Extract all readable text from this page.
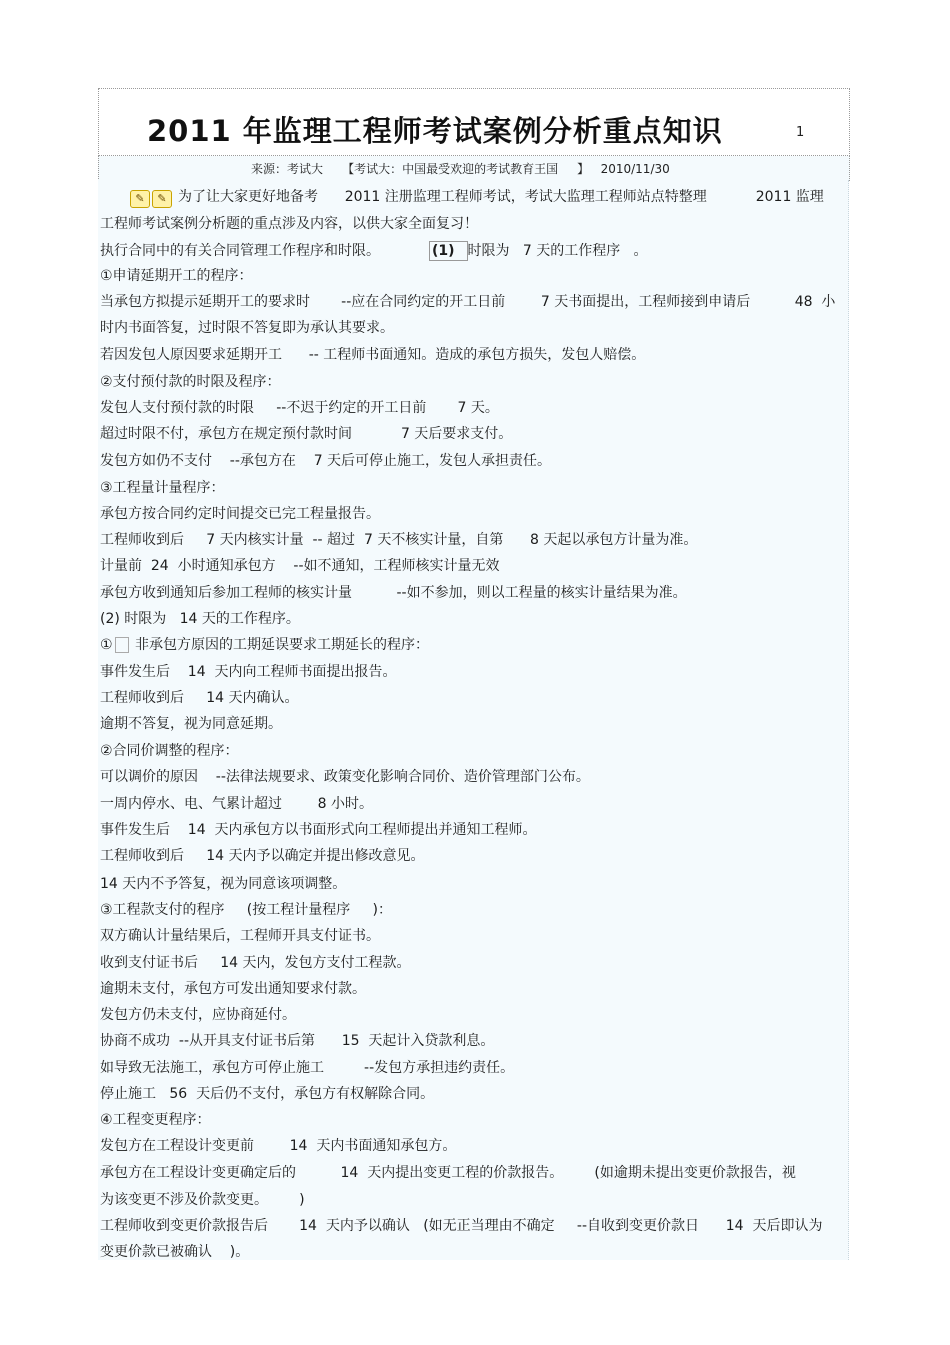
2011 年监理工程师考试案例分析重点知识	1
来源：考试大     【考试大：中国最受欢迎的考试教育王国     】   2010/11/30
✎ ✎ 为了让大家更好地备考      2011 注册监理工程师考试，考试大监理工程师站点特整理           2011 监理
工程师考试案例分析题的重点涉及内容，以供大家全面复习！
执行合同中的有关合同管理工作程序和时限。	(1) 时限为   7 天的工作程序   。
①申请延期开工的程序：
当承包方拟提示延期开工的要求时       --应在合同约定的开工日前        7 天书面提出，工程师接到申请后          48  小
时内书面答复，过时限不答复即为承认其要求。
若因发包人原因要求延期开工      -- 工程师书面通知。造成的承包方损失，发包人赔偿。
②支付预付款的时限及程序：
发包人支付预付款的时限     --不迟于约定的开工日前       7 天。
超过时限不付，承包方在规定预付款时间           7 天后要求支付。
发包方如仍不支付    --承包方在    7 天后可停止施工，发包人承担责任。
③工程量计量程序：
承包方按合同约定时间提交已完工程量报告。
工程师收到后     7 天内核实计量  -- 超过  7 天不核实计量，自第      8 天起以承包方计量为准。
计量前  24  小时通知承包方    --如不通知，工程师核实计量无效
承包方收到通知后参加工程师的核实计量          --如不参加，则以工程量的核实计量结果为准。
(2) 时限为   14 天的工作程序。
① 非承包方原因的工期延误要求工期延长的程序：
事件发生后    14  天内向工程师书面提出报告。
工程师收到后     14 天内确认。
逾期不答复，视为同意延期。
②合同价调整的程序：
可以调价的原因    --法律法规要求、政策变化影响合同价、造价管理部门公布。
一周内停水、电、气累计超过        8 小时。
事件发生后    14  天内承包方以书面形式向工程师提出并通知工程师。
工程师收到后     14 天内予以确定并提出修改意见。
14 天内不予答复，视为同意该项调整。
③工程款支付的程序     (按工程计量程序     )：
双方确认计量结果后，工程师开具支付证书。
收到支付证书后     14 天内，发包方支付工程款。
逾期未支付，承包方可发出通知要求付款。
发包方仍未支付，应协商延付。
协商不成功  --从开具支付证书后第      15  天起计入贷款利息。
如导致无法施工，承包方可停止施工         --发包方承担违约责任。
停止施工   56  天后仍不支付，承包方有权解除合同。
④工程变更程序：
发包方在工程设计变更前        14  天内书面通知承包方。
承包方在工程设计变更确定后的          14  天内提出变更工程的价款报告。       (如逾期未提出变更价款报告，视
为该变更不涉及价款变更。       )
工程师收到变更价款报告后       14  天内予以确认   (如无正当理由不确定     --自收到变更价款日      14  天后即认为
变更价款已被确认    )。
